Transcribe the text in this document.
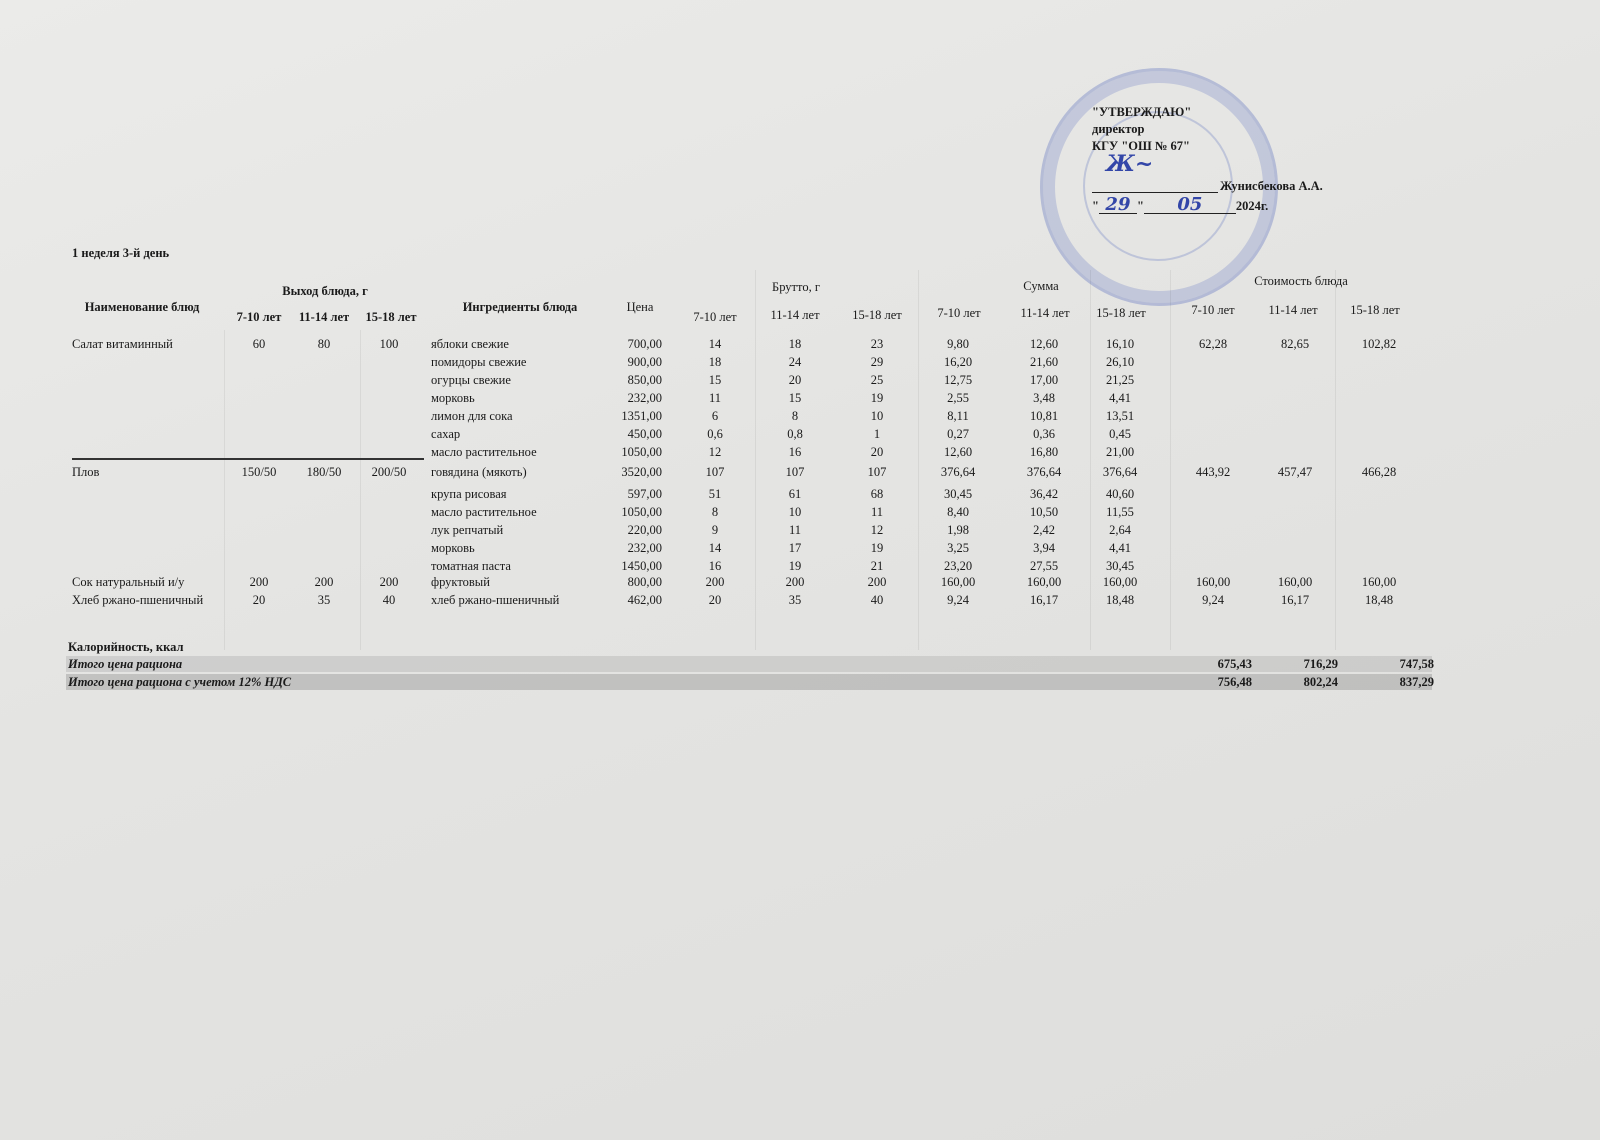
"УТВЕРЖДАЮ"
директор
КГУ "ОШ № 67"
Ж~
Жунисбекова А.А.
" 29 " 05	2024г.
1 неделя 3-й день
Наименование блюд
Выход блюда, г
7-10 лет	11-14 лет	15-18 лет
Ингредиенты блюда	Цена
Брутто, г
7-10 лет	11-14 лет	15-18 лет
Сумма
7-10 лет	11-14 лет	15-18 лет
Стоимость блюда
7-10 лет	11-14 лет	15-18 лет
Салат витаминный	60	80	100	яблоки свежие	700,00	14	18	23	9,80	12,60	16,10	62,28	82,65	102,82
помидоры свежие	900,00	18	24	29	16,20	21,60	26,10
огурцы свежие	850,00	15	20	25	12,75	17,00	21,25
морковь	232,00	11	15	19	2,55	3,48	4,41
лимон для сока	1351,00	6	8	10	8,11	10,81	13,51
сахар	450,00	0,6	0,8	1	0,27	0,36	0,45
масло растительное	1050,00	12	16	20	12,60	16,80	21,00
Плов	150/50	180/50	200/50	говядина (мякоть)	3520,00	107	107	107	376,64	376,64	376,64	443,92	457,47	466,28
крупа рисовая	597,00	51	61	68	30,45	36,42	40,60
масло растительное	1050,00	8	10	11	8,40	10,50	11,55
лук репчатый	220,00	9	11	12	1,98	2,42	2,64
морковь	232,00	14	17	19	3,25	3,94	4,41
томатная паста	1450,00	16	19	21	23,20	27,55	30,45
Сок натуральный и/у	200	200	200	фруктовый	800,00	200	200	200	160,00	160,00	160,00	160,00	160,00	160,00
Хлеб ржано-пшеничный	20	35	40	хлеб ржано-пшеничный	462,00	20	35	40	9,24	16,17	18,48	9,24	16,17	18,48
Калорийность, ккал
Итого цена рациона	675,43	716,29	747,58
Итого цена рациона с учетом 12% НДС	756,48	802,24	837,29
